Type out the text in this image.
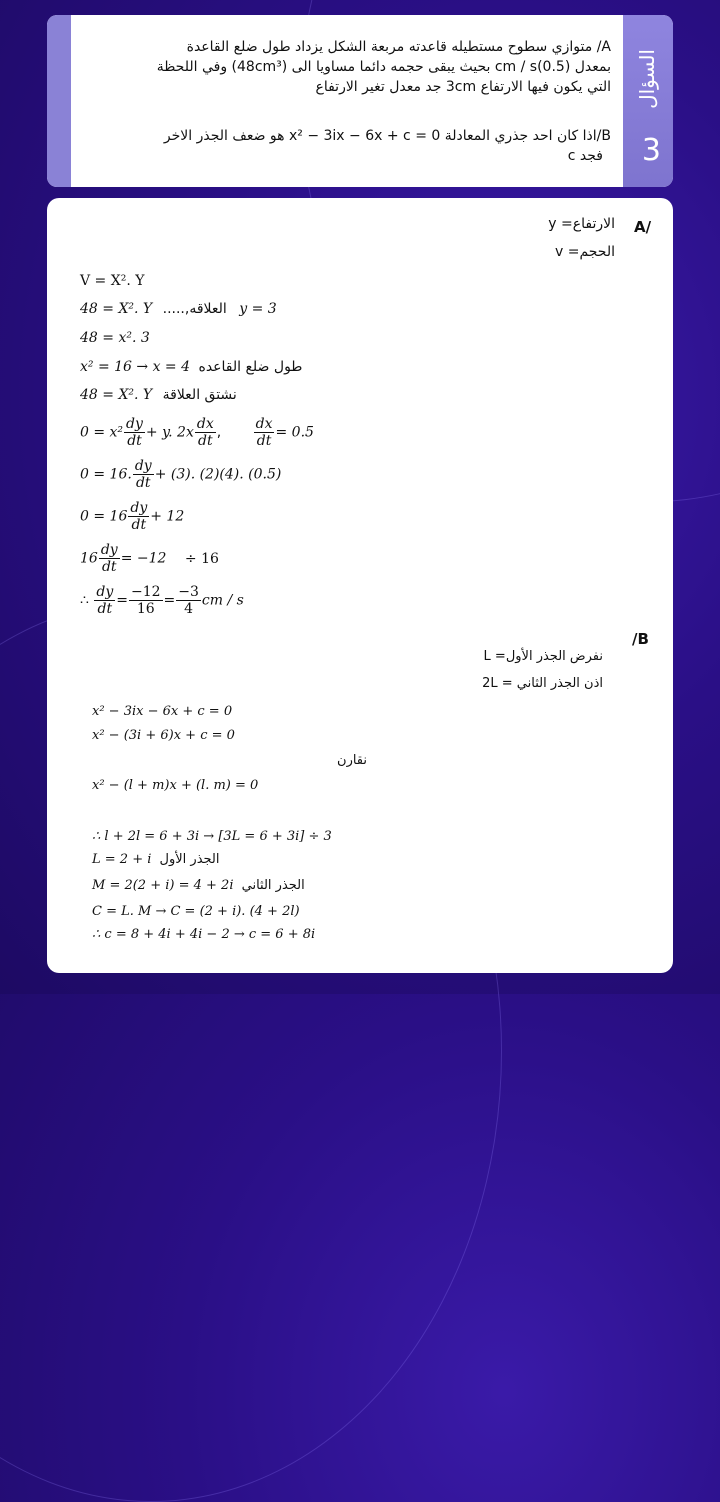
السؤال
3
A/ متوازي سطوح مستطيله قاعدته مربعة الشكل يزداد طول ضلع القاعدة
بمعدل (0.5)cm / s بحيث يبقى حجمه دائما مساويا الى (48cm³) وفي اللحظة
التي يكون فيها الارتفاع 3cm جد معدل تغير الارتفاع
B/اذا كان احد جذري المعادلة x² − 3ix − 6x + c = 0 هو ضعف الجذر الاخر
فجد c
A/
الارتفاع= y
الحجم= v
V = X². Y
48 = X². Y .....العلاقه, y = 3
48 = x². 3
x² = 16 → x = 4 طول ضلع القاعده
48 = X². Y نشتق العلاقة
$0 = x^2 \frac{dy}{dt} + y$. $2x \frac{dx}{dt}$ , $\frac{dx}{dt} = 0.5$
0 = 16. $\frac{dy}{dt} + (3)$. (2)(4). (0.5)
$0 = 16 \frac{dy}{dt} + 12$
$16 \frac{dy}{dt} = -12 \div 16$
∴ $\frac{dy}{dt} = \frac{-12}{16} = \frac{-3}{4}$ cm / s
/B
نفرض الجذر الأول= L
اذن الجذر الثاني = 2L
x² − 3ix − 6x + c = 0
x² − (3i + 6)x + c = 0
نقارن
x² − (l + m)x + (l. m) = 0
∴ l + 2l = 6 + 3i → [3L = 6 + 3i] ÷ 3
L = 2 + i الجذر الأول
M = 2(2 + i) = 4 + 2i الجذر الثاني
C = L. M → C = (2 + i). (4 + 2l)
∴ c = 8 + 4i + 4i − 2 → c = 6 + 8i
